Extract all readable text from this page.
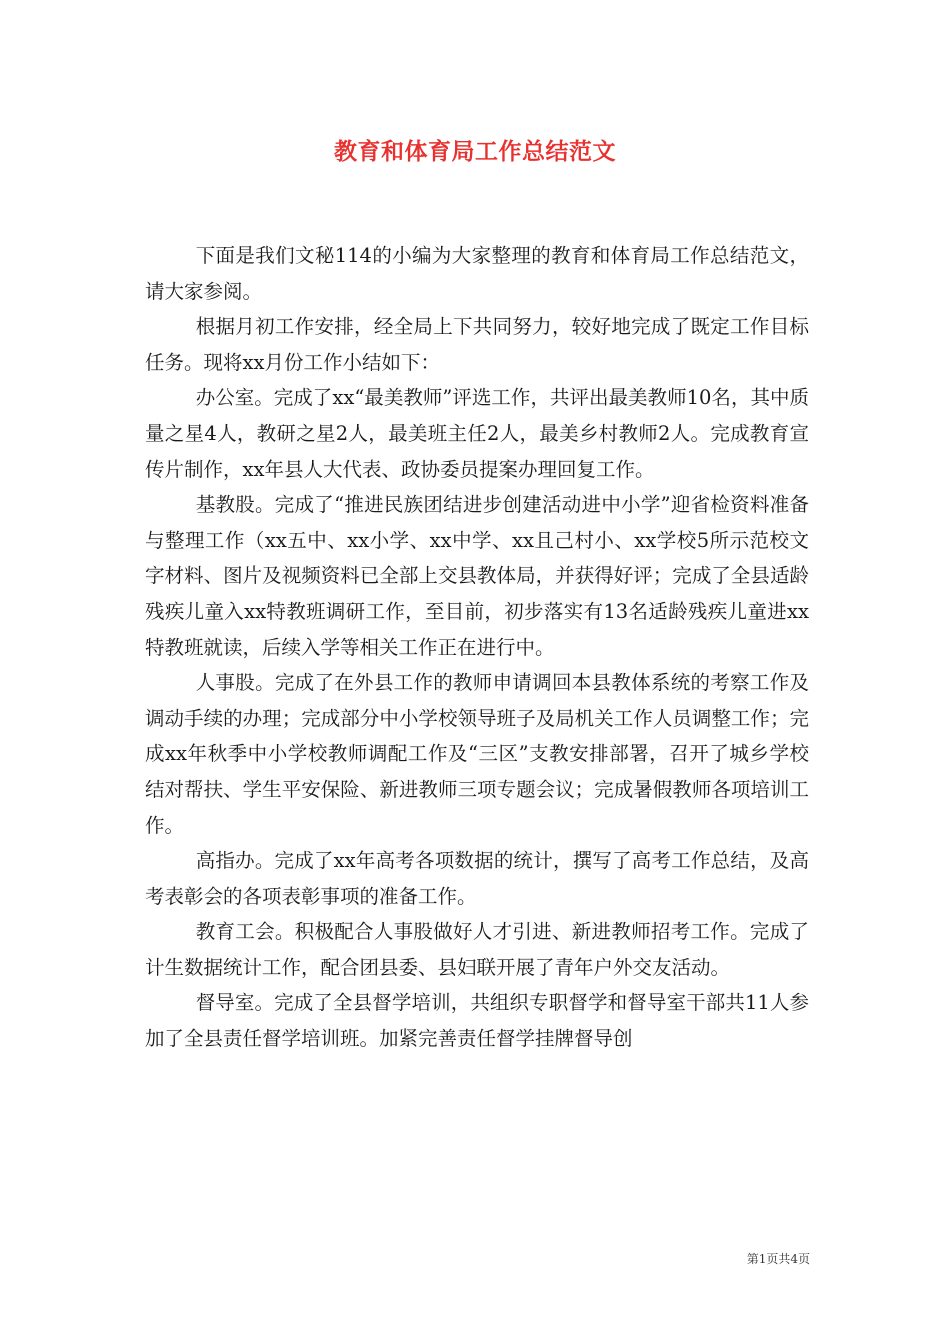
教育和体育局工作总结范文

下面是我们文秘114的小编为大家整理的教育和体育局工作总结范文，请大家参阅。

根据月初工作安排，经全局上下共同努力，较好地完成了既定工作目标任务。现将xx月份工作小结如下：

办公室。完成了xx“最美教师”评选工作，共评出最美教师10名，其中质量之星4人，教研之星2人，最美班主任2人，最美乡村教师2人。完成教育宣传片制作，xx年县人大代表、政协委员提案办理回复工作。

基教股。完成了“推进民族团结进步创建活动进中小学”迎省检资料准备与整理工作（xx五中、xx小学、xx中学、xx且己村小、xx学校5所示范校文字材料、图片及视频资料已全部上交县教体局，并获得好评；完成了全县适龄残疾儿童入xx特教班调研工作，至目前，初步落实有13名适龄残疾儿童进xx特教班就读，后续入学等相关工作正在进行中。

人事股。完成了在外县工作的教师申请调回本县教体系统的考察工作及调动手续的办理；完成部分中小学校领导班子及局机关工作人员调整工作；完成xx年秋季中小学校教师调配工作及“三区”支教安排部署，召开了城乡学校结对帮扶、学生平安保险、新进教师三项专题会议；完成暑假教师各项培训工作。

高指办。完成了xx年高考各项数据的统计，撰写了高考工作总结，及高考表彰会的各项表彰事项的准备工作。

教育工会。积极配合人事股做好人才引进、新进教师招考工作。完成了计生数据统计工作，配合团县委、县妇联开展了青年户外交友活动。

督导室。完成了全县督学培训，共组织专职督学和督导室干部共11人参加了全县责任督学培训班。加紧完善责任督学挂牌督导创

第1页共4页
